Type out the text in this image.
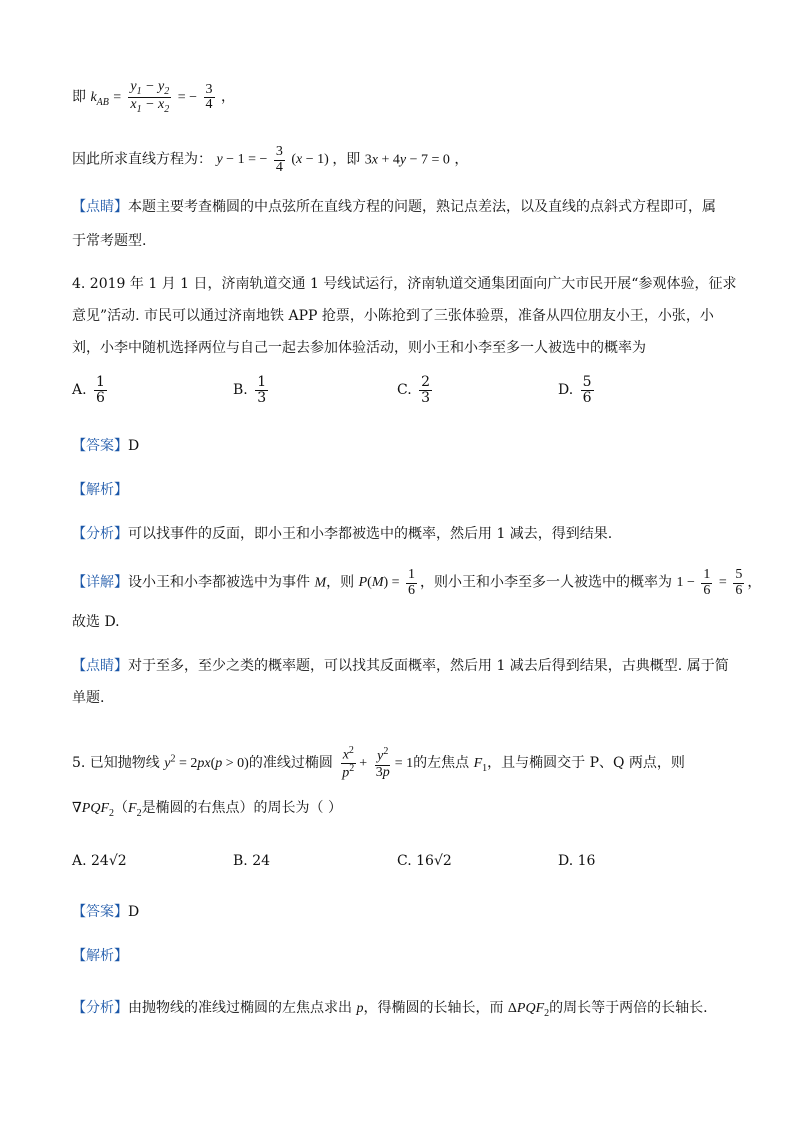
即 $k_{AB} = \frac{y_1 - y_2}{x_1 - x_2}$ = − $\frac{3}{4}$ ，
因此所求直线方程为： y − 1 = − $\frac{3}{4} (x - 1)$ ，即 3x + 4y − 7 = 0 ，
【点睛】本题主要考查椭圆的中点弦所在直线方程的问题，熟记点差法，以及直线的点斜式方程即可，属
于常考题型.
4. 2019 年 1 月 1 日，济南轨道交通 1 号线试运行，济南轨道交通集团面向广大市民开展“参观体验，征求
意见”活动. 市民可以通过济南地铁 APP 抢票，小陈抢到了三张体验票，准备从四位朋友小王，小张，小
刘，小李中随机选择两位与自己一起去参加体验活动，则小王和小李至多一人被选中的概率为
A. $\frac{1}{6}$	B. $\frac{1}{3}$	C. $\frac{2}{3}$	D. $\frac{5}{6}$
【答案】D
【解析】
【分析】可以找事件的反面，即小王和小李都被选中的概率，然后用 1 减去，得到结果.
【详解】设小王和小李都被选中为事件 M，则 $P(M) = \frac{1}{6}$ ，则小王和小李至多一人被选中的概率为 $1 - \frac{1}{6} = \frac{5}{6}$ ，
故选 D.
【点睛】对于至多，至少之类的概率题，可以找其反面概率，然后用 1 减去后得到结果，古典概型. 属于简
单题.
5. 已知抛物线 $y^2 = 2px(p > 0)$的准线过椭圆 $\frac{x^2}{p^2} + \frac{y^2}{3p} = 1$的左焦点 $F_1$，且与椭圆交于 P、Q 两点，则
$\nabla PQF_2(F_2$是椭圆的右焦点）的周长为（ ）
A. 24√2	B. 24	C. 16√2	D. 16
【答案】D
【解析】
【分析】由抛物线的准线过椭圆的左焦点求出 p，得椭圆的长轴长，而 $\Delta PQF_2$的周长等于两倍的长轴长.
